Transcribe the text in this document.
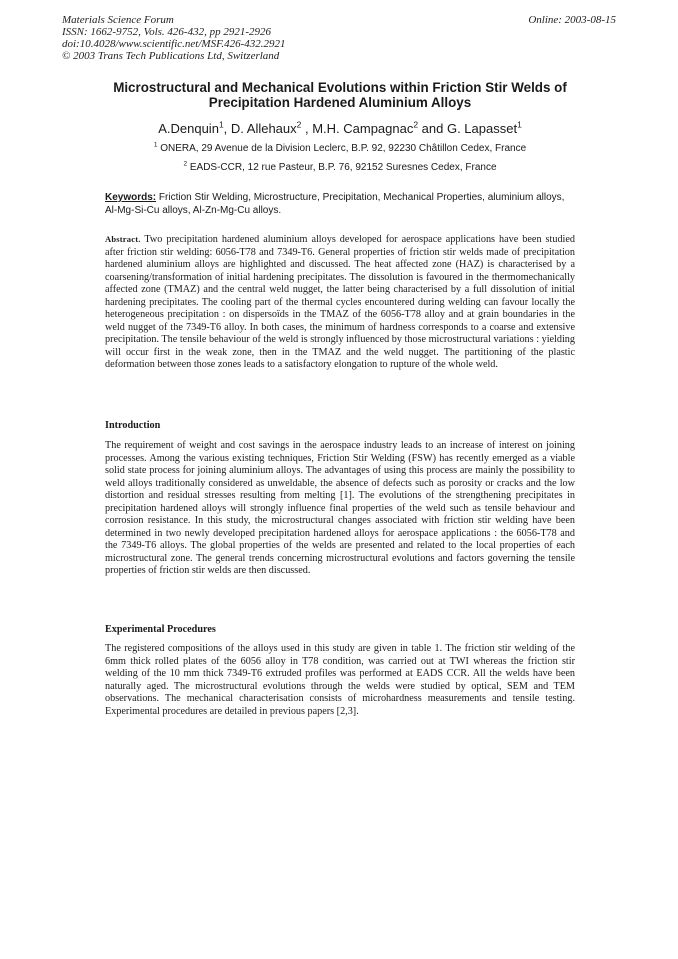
Materials Science Forum
ISSN: 1662-9752, Vols. 426-432, pp 2921-2926
doi:10.4028/www.scientific.net/MSF.426-432.2921
© 2003 Trans Tech Publications Ltd, Switzerland
Online: 2003-08-15
Microstructural and Mechanical Evolutions within Friction Stir Welds of Precipitation Hardened Aluminium Alloys
A.Denquin$^1$, D. Allehaux$^2$ , M.H. Campagnac$^2$ and G. Lapasset$^1$
$^1$ ONERA, 29 Avenue de la Division Leclerc, B.P. 92, 92230 Châtillon Cedex, France
$^2$ EADS-CCR, 12 rue Pasteur, B.P. 76, 92152 Suresnes Cedex, France
Keywords: Friction Stir Welding, Microstructure, Precipitation, Mechanical Properties, aluminium alloys, Al-Mg-Si-Cu alloys, Al-Zn-Mg-Cu alloys.
Abstract. Two precipitation hardened aluminium alloys developed for aerospace applications have been studied after friction stir welding: 6056-T78 and 7349-T6. General properties of friction stir welds made of precipitation hardened aluminium alloys are highlighted and discussed. The heat affected zone (HAZ) is characterised by a coarsening/transformation of initial hardening precipitates. The dissolution is favoured in the thermomechanically affected zone (TMAZ) and the central weld nugget, the latter being characterised by a full dissolution of initial hardening precipitates. The cooling part of the thermal cycles encountered during welding can favour locally the heterogeneous precipitation : on dispersoïds in the TMAZ of the 6056-T78 alloy and at grain boundaries in the weld nugget of the 7349-T6 alloy. In both cases, the minimum of hardness corresponds to a coarse and extensive precipitation. The tensile behaviour of the weld is strongly influenced by those microstructural variations : yielding will occur first in the weak zone, then in the TMAZ and the weld nugget. The partitioning of the plastic deformation between those zones leads to a satisfactory elongation to rupture of the whole weld.
Introduction
The requirement of weight and cost savings in the aerospace industry leads to an increase of interest on joining processes. Among the various existing techniques, Friction Stir Welding (FSW) has recently emerged as a viable solid state process for joining aluminium alloys. The advantages of using this process are mainly the possibility to weld alloys traditionally considered as unweldable, the absence of defects such as porosity or cracks and the low distortion and residual stresses resulting from melting [1]. The evolutions of the strengthening precipitates in precipitation hardened alloys will strongly influence final properties of the weld such as tensile behaviour and corrosion resistance. In this study, the microstructural changes associated with friction stir welding have been determined in two newly developed precipitation hardened alloys for aerospace applications : the 6056-T78 and the 7349-T6 alloys. The global properties of the welds are presented and related to the local properties of each microstructural zone. The general trends concerning microstructural evolutions and factors governing the tensile properties of friction stir welds are then discussed.
Experimental Procedures
The registered compositions of the alloys used in this study are given in table 1. The friction stir welding of the 6mm thick rolled plates of the 6056 alloy in T78 condition, was carried out at TWI whereas the friction stir welding of the 10 mm thick 7349-T6 extruded profiles was performed at EADS CCR. All the welds have been naturally aged. The microstructural evolutions through the welds were studied by optical, SEM and TEM observations. The mechanical characterisation consists of microhardness measurements and tensile testing. Experimental procedures are detailed in previous papers [2,3].
